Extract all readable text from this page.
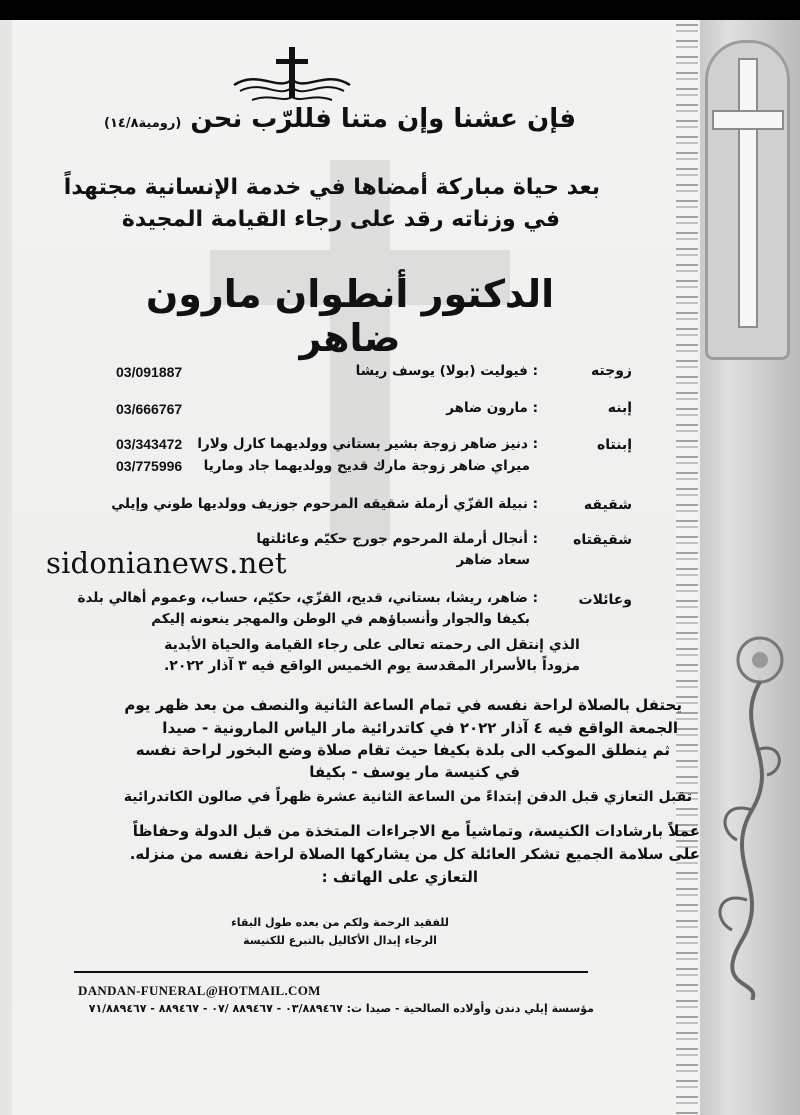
فإن عشنا وإن متنا فللرّب نحن (رومية١٤/٨)
بعد حياة مباركة أمضاها في خدمة الإنسانية مجتهداً
في وزناته رقد على رجاء القيامة المجيدة
الدكتور أنطوان مارون ضاهر
زوجته
: فيوليت (بولا) يوسف ريشا
03/091887
إبنه
: مارون ضاهر
03/666767
إبنتاه
: دنيز ضاهر زوجة بشير بستاني وولديهما كارل ولارا
03/343472
ميراي ضاهر زوجة مارك قديح وولديهما جاد وماريا
03/775996
شقيقه
: نبيلة القزّي أرملة شقيقه المرحوم جوزيف وولديها طوني وإيلي
شقيقتاه
: أنجال أرملة المرحوم جورج حكيّم وعائلتها
سعاد ضاهر
وعائلات
: ضاهر، ريشا، بستاني، قديح، القزّي، حكيّم، حساب، وعموم أهالي بلدة
بكيفا والجوار وأنسباؤهم في الوطن والمهجر ينعونه إليكم
sidonianews.net
الذي إنتقل الى رحمته تعالى على رجاء القيامة والحياة الأبدية
مزوداً بالأسرار المقدسة يوم الخميس الواقع فيه ٣ آذار ٢٠٢٢.
يحتفل بالصلاة لراحة نفسه في تمام الساعة الثانية والنصف من بعد ظهر يوم
الجمعة الواقع فيه ٤ آذار ٢٠٢٢ في كاتدرائية مار الياس المارونية - صيدا
ثم ينطلق الموكب الى بلدة بكيفا حيث تقام صلاة وضع البخور لراحة نفسه
في كنيسة مار يوسف - بكيفا
تقبل التعازي قبل الدفن إبتداءً من الساعة الثانية عشرة ظهراً في صالون الكاتدرائية
عملاً بارشادات الكنيسة، وتماشياً مع الاجراءات المتخذة من قبل الدولة وحفاظاً
على سلامة الجميع تشكر العائلة كل من يشاركها الصلاة لراحة نفسه من منزله.
التعازي على الهاتف :
للفقيد الرحمة ولكم من بعده طول البقاء
الرجاء إبدال الأكاليل بالتبرع للكنيسة
DANDAN-FUNERAL@HOTMAIL.COM
مؤسسة إيلي دندن وأولاده الصالحية - صيدا ت: ٠٣/٨٨٩٤٦٧ - ٨٨٩٤٦٧ /٠٧ - ٨٨٩٤٦٧ - ٧١/٨٨٩٤٦٧
